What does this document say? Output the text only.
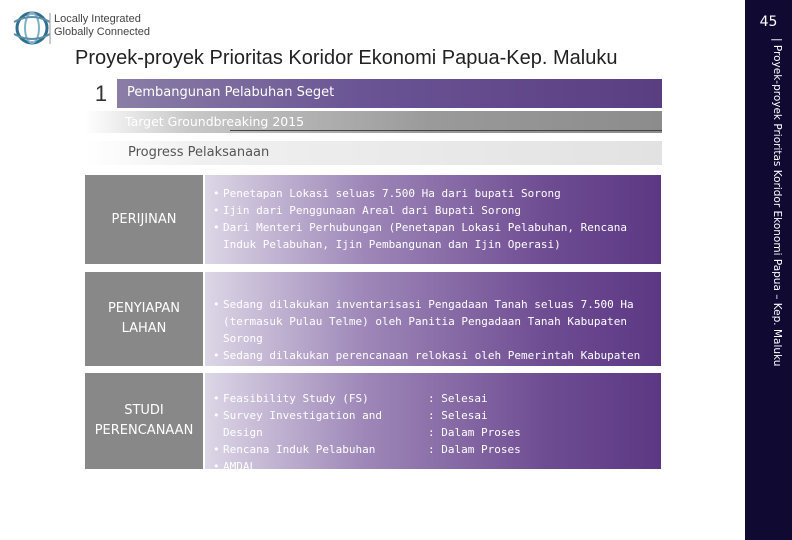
Locally Integrated
Globally Connected
Proyek-proyek Prioritas Koridor Ekonomi Papua-Kep. Maluku
45
| Proyek-proyek Prioritas Koridor Ekonomi Papua – Kep. Maluku
1	Pembangunan Pelabuhan Seget
Target Groundbreaking 2015
Progress Pelaksanaan
PERIJINAN
• Penetapan Lokasi seluas 7.500 Ha dari bupati Sorong
• Ijin dari Penggunaan Areal dari Bupati Sorong
• Dari Menteri Perhubungan (Penetapan Lokasi Pelabuhan, Rencana Induk Pelabuhan, Ijin Pembangunan dan Ijin Operasi)
PENYIAPAN LAHAN
• Sedang dilakukan inventarisasi Pengadaan Tanah seluas 7.500 Ha (termasuk Pulau Telme) oleh Panitia Pengadaan Tanah Kabupaten Sorong
• Sedang dilakukan perencanaan relokasi oleh Pemerintah Kabupaten
STUDI PERENCANAAN
• Feasibility Study (FS)
• Survey Investigation and Design
• Rencana Induk Pelabuhan
• AMDAL
: Selesai
: Selesai
: Dalam Proses
: Dalam Proses
